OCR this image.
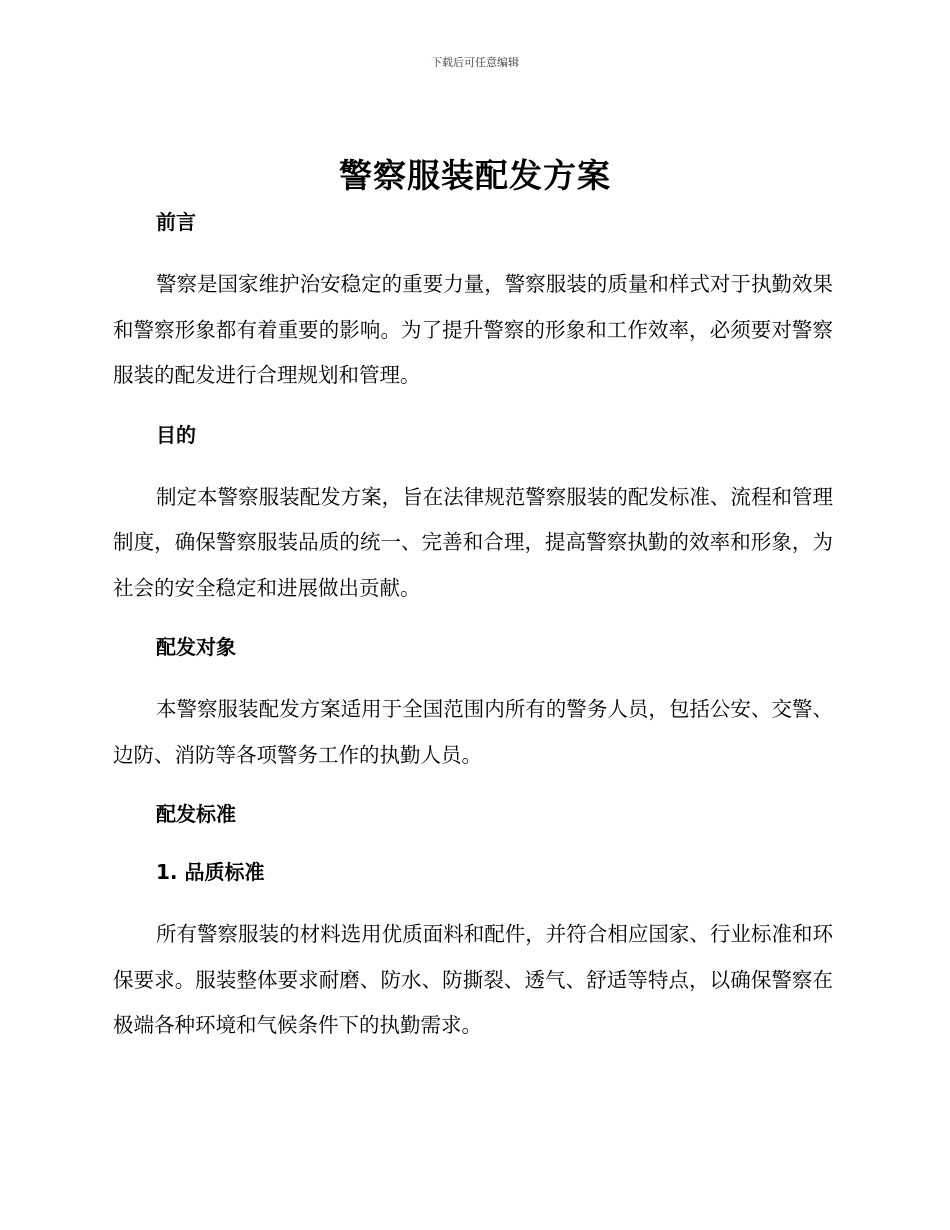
下载后可任意编辑
警察服装配发方案
前言

警察是国家维护治安稳定的重要力量，警察服装的质量和样式对于执勤效果和警察形象都有着重要的影响。为了提升警察的形象和工作效率，必须要对警察服装的配发进行合理规划和管理。

目的

制定本警察服装配发方案，旨在法律规范警察服装的配发标准、流程和管理制度，确保警察服装品质的统一、完善和合理，提高警察执勤的效率和形象，为社会的安全稳定和进展做出贡献。

配发对象

本警察服装配发方案适用于全国范围内所有的警务人员，包括公安、交警、边防、消防等各项警务工作的执勤人员。

配发标准
1. 品质标准

所有警察服装的材料选用优质面料和配件，并符合相应国家、行业标准和环保要求。服装整体要求耐磨、防水、防撕裂、透气、舒适等特点，以确保警察在极端各种环境和气候条件下的执勤需求。
